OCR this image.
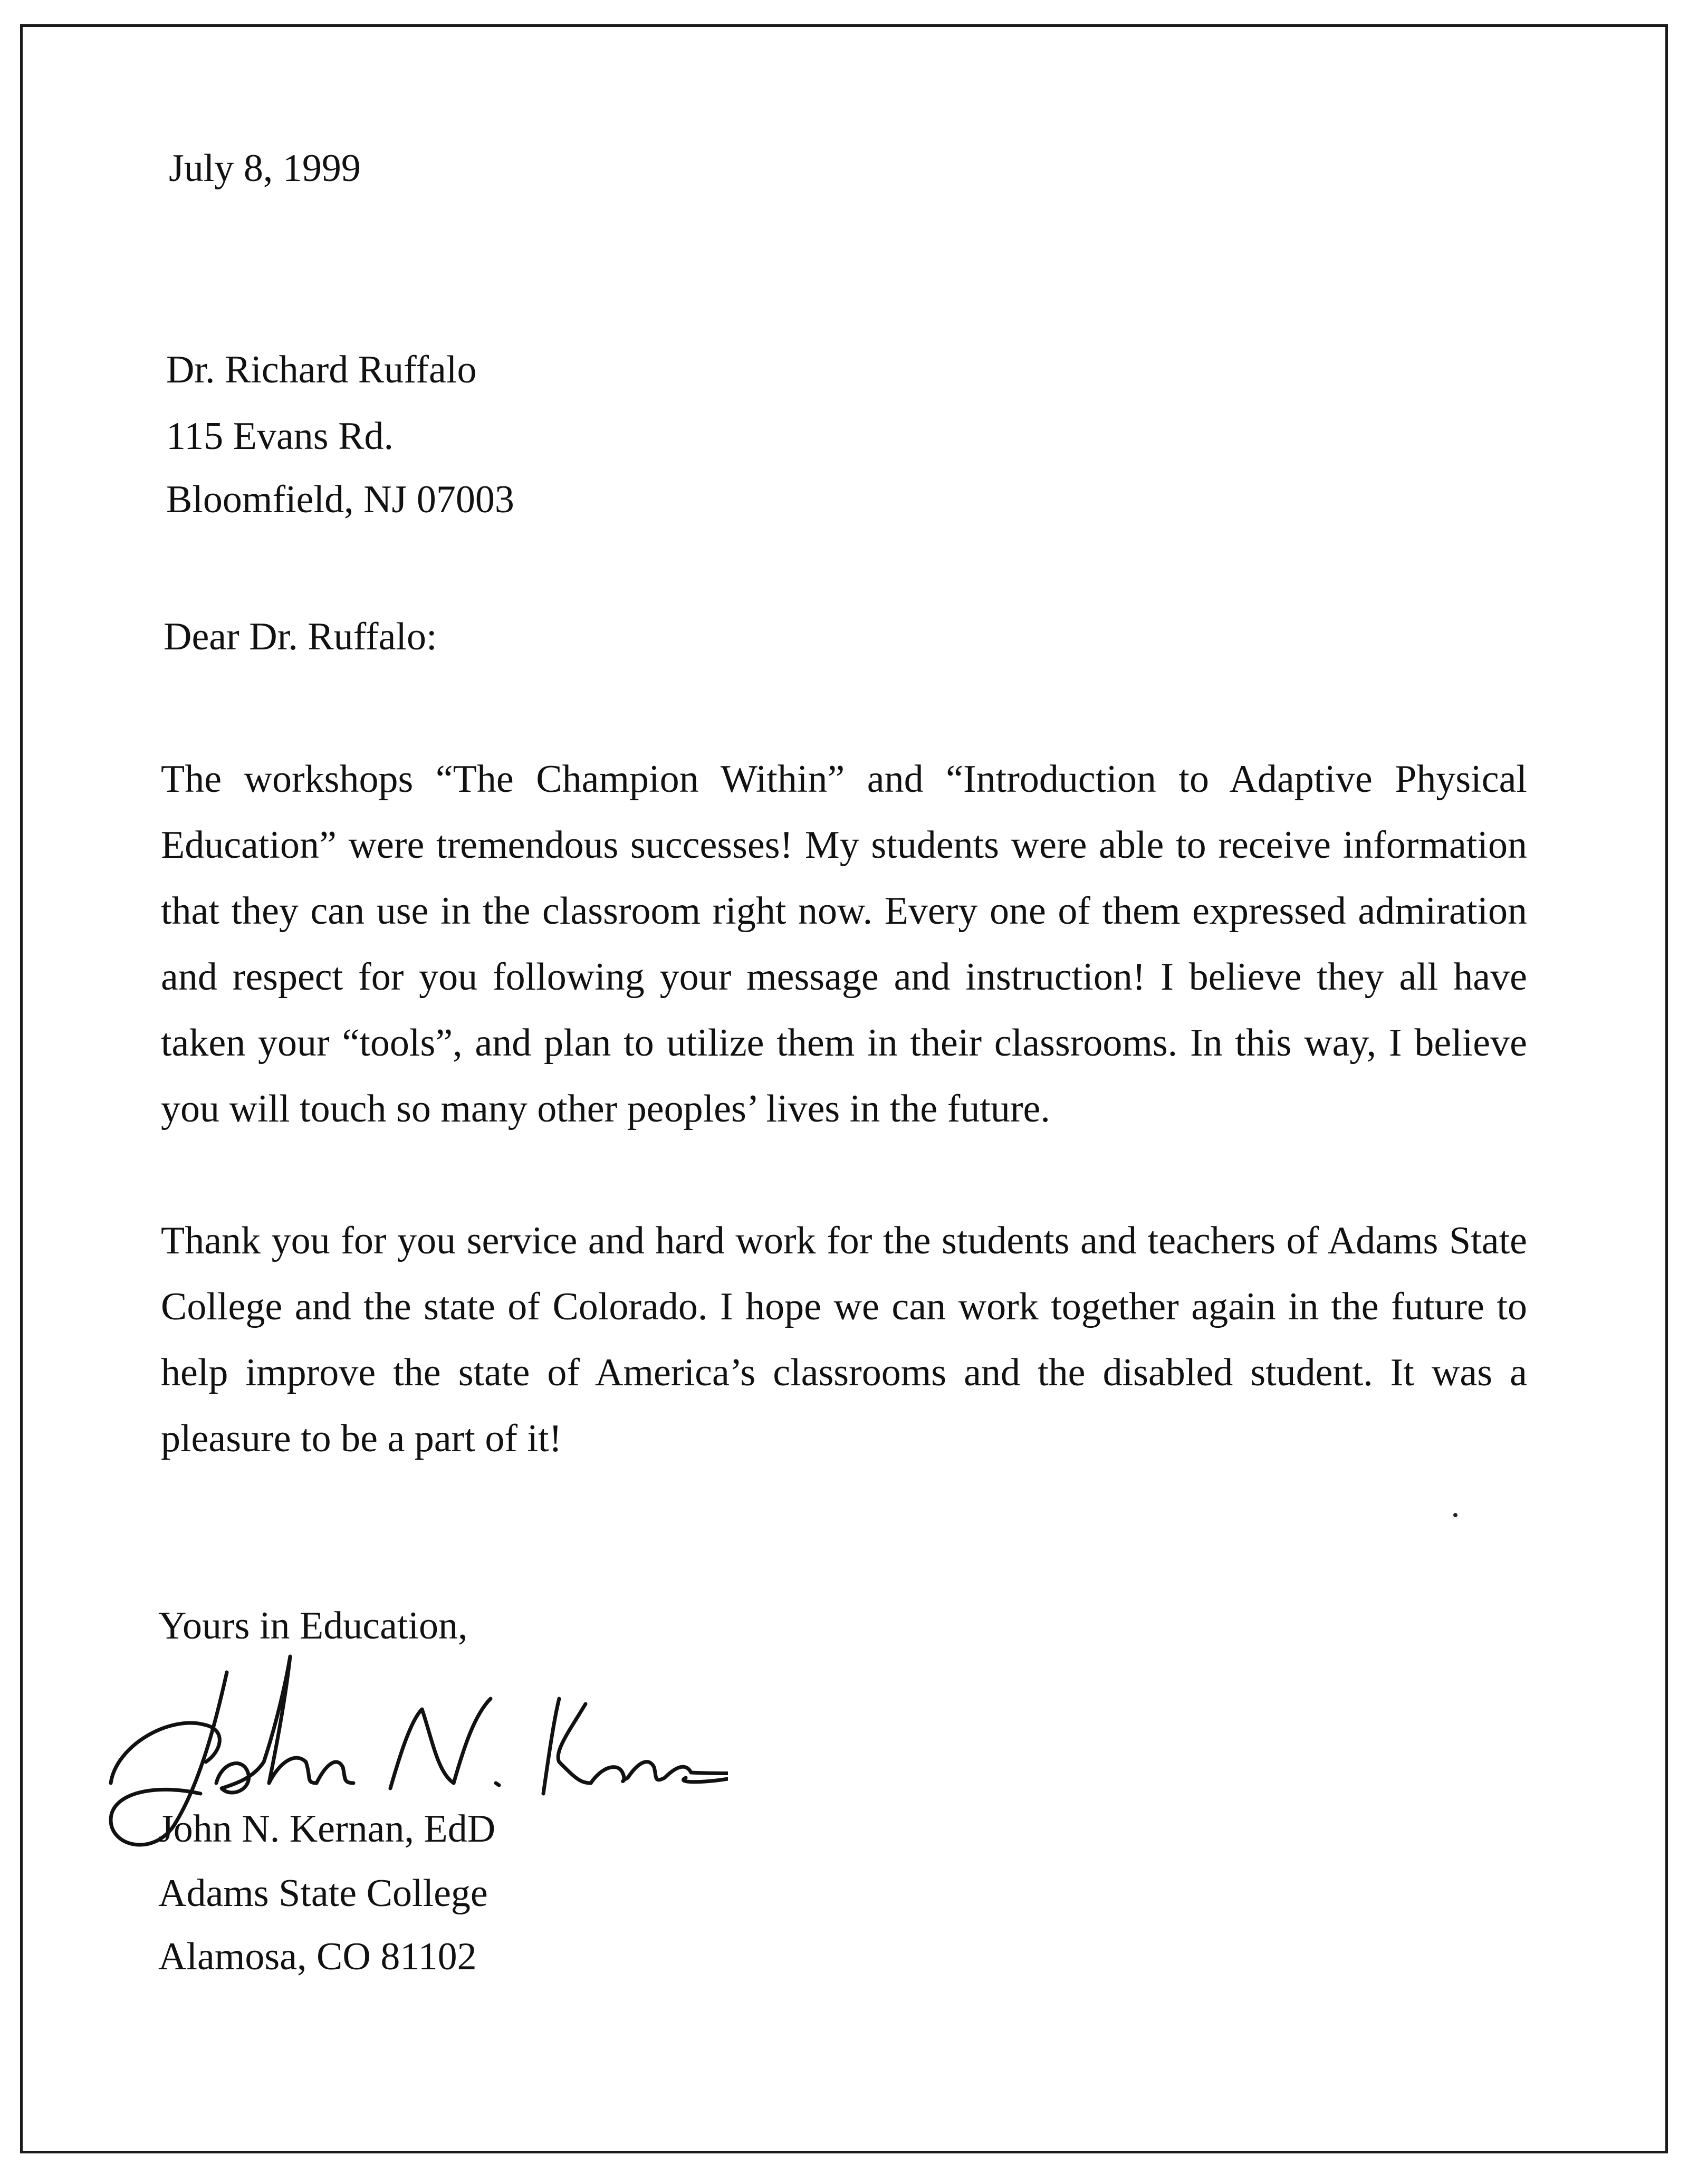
July 8, 1999
Dr. Richard Ruffalo
115 Evans Rd.
Bloomfield, NJ 07003
Dear Dr. Ruffalo:
The workshops “The Champion Within” and “Introduction to Adaptive Physical Education” were tremendous successes! My students were able to receive information that they can use in the classroom right now. Every one of them expressed admiration and respect for you following your message and instruction! I believe they all have taken your “tools”, and plan to utilize them in their classrooms. In this way, I believe you will touch so many other peoples’ lives in the future.
Thank you for you service and hard work for the students and teachers of Adams State College and the state of Colorado. I hope we can work together again in the future to help improve the state of America’s classrooms and the disabled student. It was a pleasure to be a part of it!
Yours in Education,
John N. Kernan, EdD
Adams State College
Alamosa, CO 81102
